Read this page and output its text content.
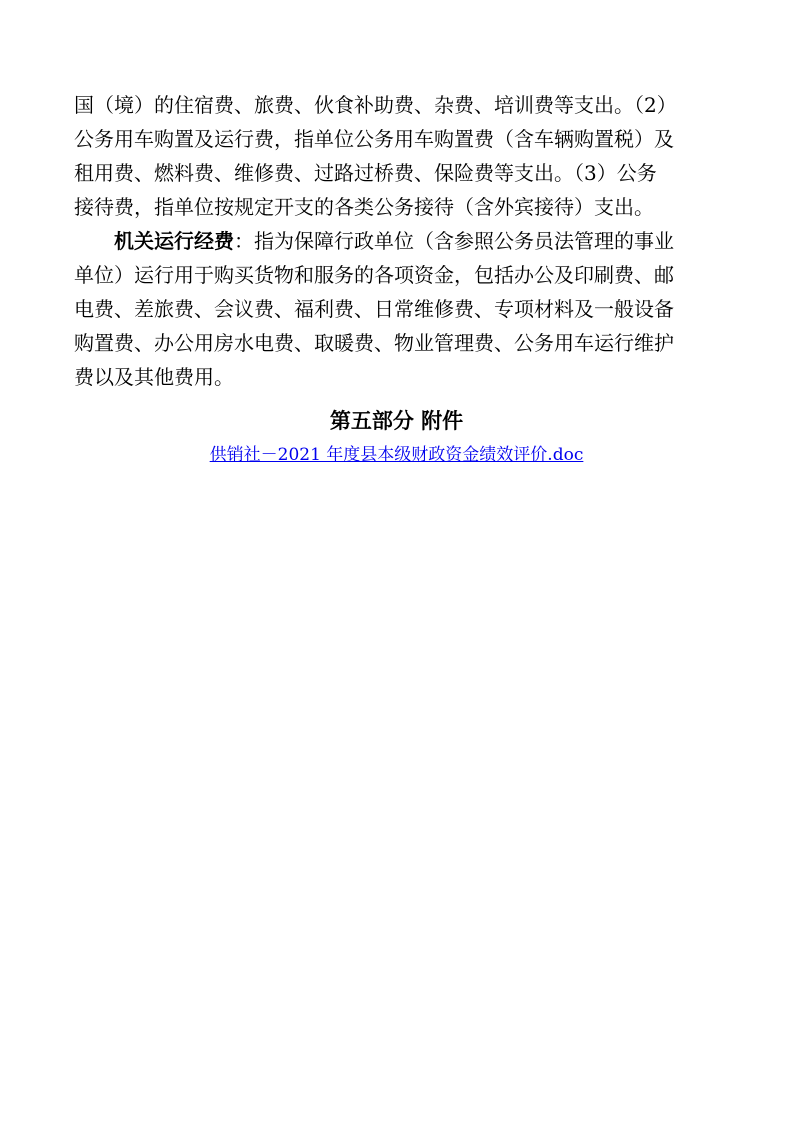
国（境）的住宿费、旅费、伙食补助费、杂费、培训费等支出。（2）
公务用车购置及运行费，指单位公务用车购置费（含车辆购置税）及
租用费、燃料费、维修费、过路过桥费、保险费等支出。（3）公务
接待费，指单位按规定开支的各类公务接待（含外宾接待）支出。
机关运行经费：指为保障行政单位（含参照公务员法管理的事业
单位）运行用于购买货物和服务的各项资金，包括办公及印刷费、邮
电费、差旅费、会议费、福利费、日常维修费、专项材料及一般设备
购置费、办公用房水电费、取暖费、物业管理费、公务用车运行维护
费以及其他费用。
第五部分 附件
供销社－2021 年度县本级财政资金绩效评价.doc
